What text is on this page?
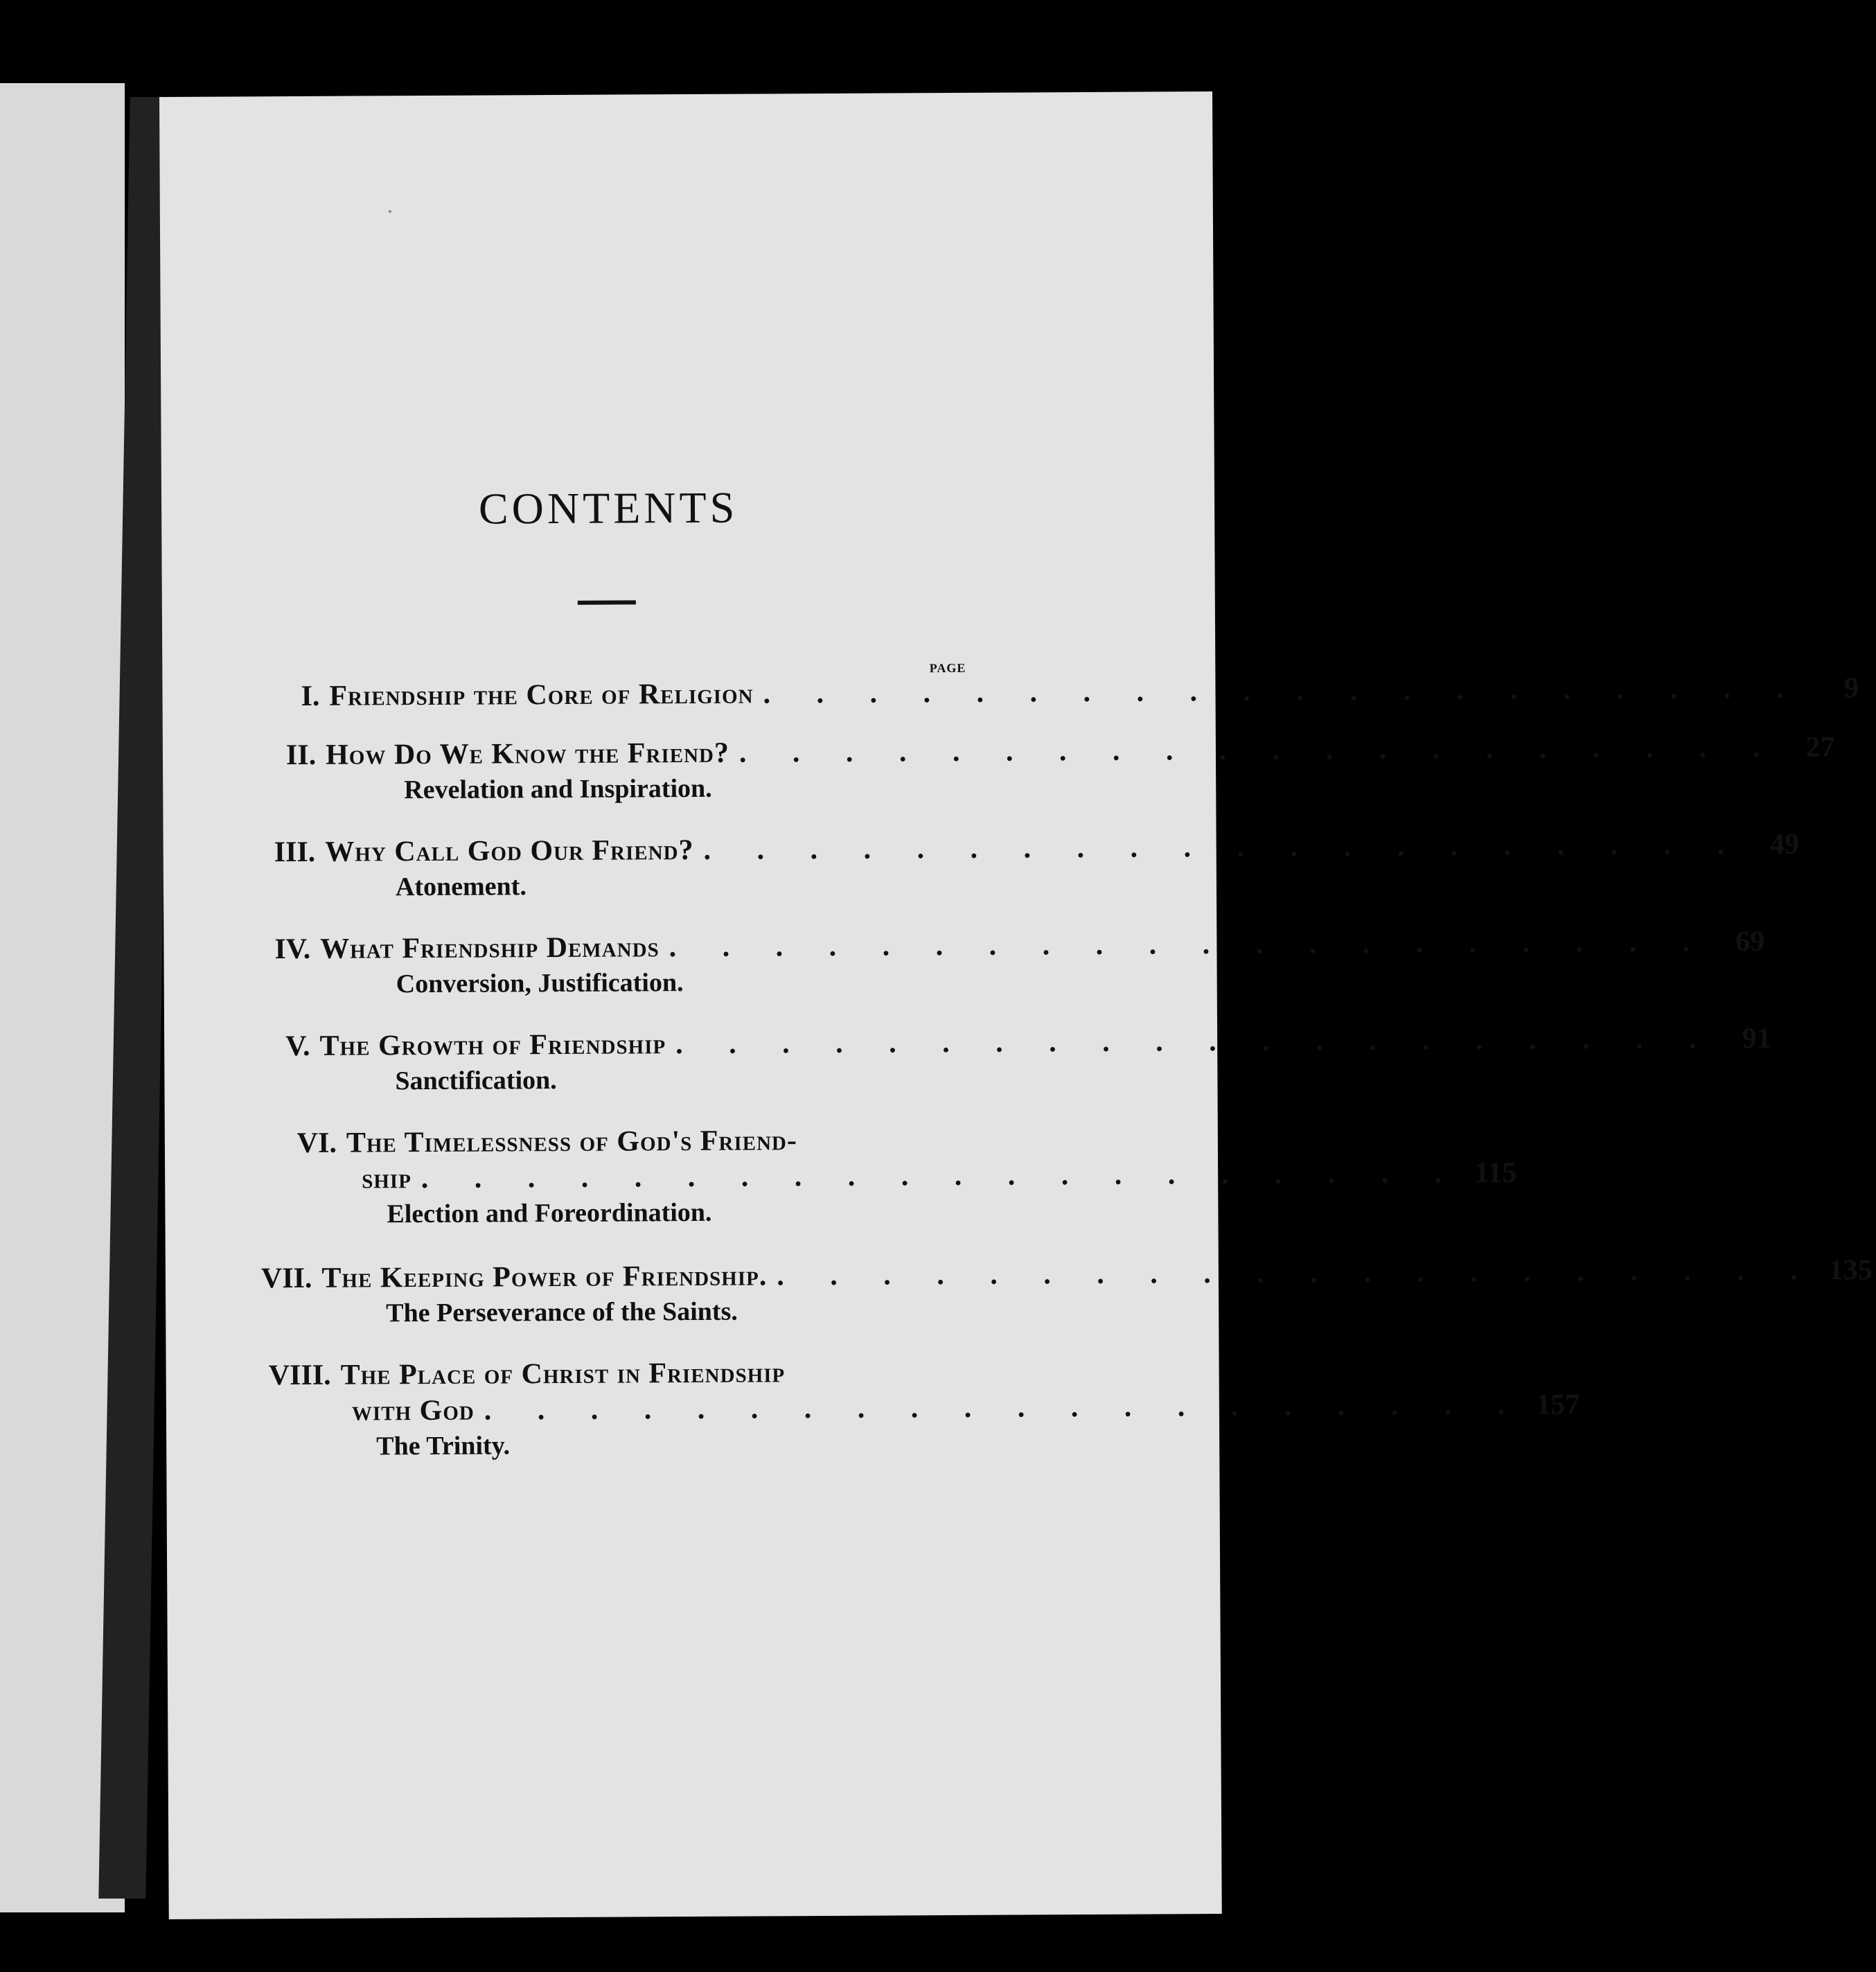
CONTENTS
PAGE
I. Friendship the Core of Religion . . . . . . . . . . . . . . . . . . . .	9
II. How Do We Know the Friend? . . . . . . . . . . . . . . . . . . . . 27
Revelation and Inspiration.
III. Why Call God Our Friend? . . . . . . . . . . . . . . . . . . . . 49
Atonement.
IV. What Friendship Demands . . . . . . . . . . . . . . . . . . . . 69
Conversion, Justification.
V. The Growth of Friendship . . . . . . . . . . . . . . . . . . . . 91
Sanctification.
VI. The Timelessness of God's Friend-
ship . . . . . . . . . . . . . . . . . . . . 115
Election and Foreordination.
VII. The Keeping Power of Friendship. . . . . . . . . . . . . . . . . . . . . 135
The Perseverance of the Saints.
VIII. The Place of Christ in Friendship
with God . . . . . . . . . . . . . . . . . . . . 157
The Trinity.
